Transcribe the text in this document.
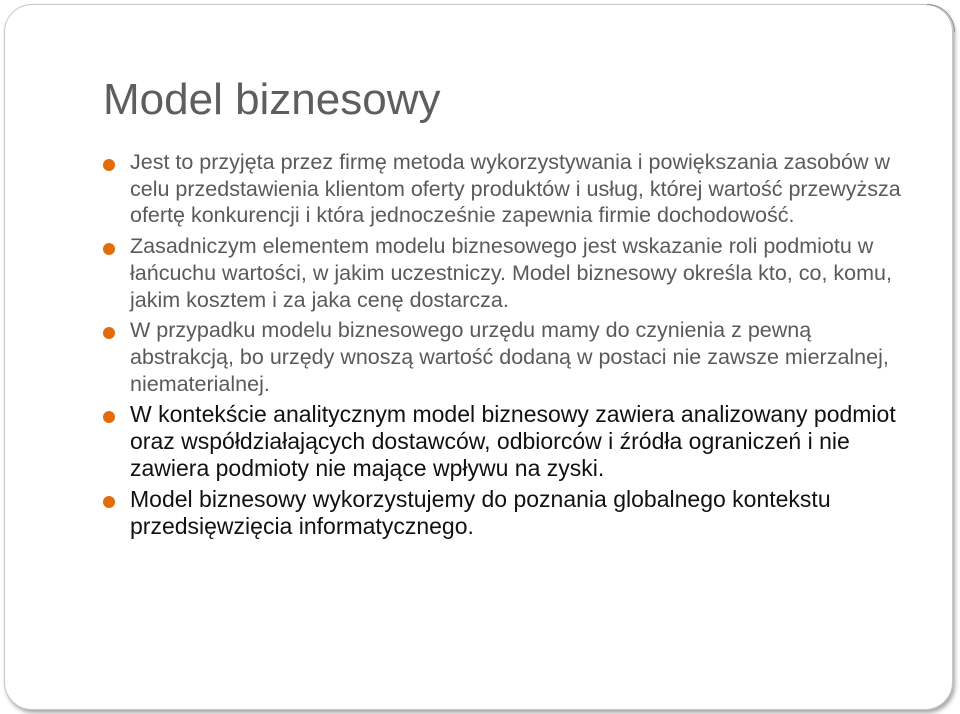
Model biznesowy
Jest to przyjęta przez firmę metoda wykorzystywania i powiększania zasobów w celu przedstawienia klientom oferty produktów i usług, której wartość przewyższa ofertę konkurencji i która jednocześnie zapewnia firmie dochodowość.
Zasadniczym elementem modelu biznesowego jest wskazanie roli podmiotu w łańcuchu wartości, w jakim uczestniczy. Model biznesowy określa kto, co, komu, jakim kosztem i za jaka cenę dostarcza.
W przypadku modelu biznesowego urzędu mamy do czynienia z pewną abstrakcją, bo urzędy wnoszą wartość dodaną w postaci nie zawsze mierzalnej, niematerialnej.
W kontekście analitycznym model biznesowy zawiera analizowany podmiot oraz współdziałających dostawców, odbiorców i źródła ograniczeń i nie zawiera podmioty nie mające wpływu na zyski.
Model biznesowy wykorzystujemy do poznania globalnego kontekstu przedsięwzięcia informatycznego.
